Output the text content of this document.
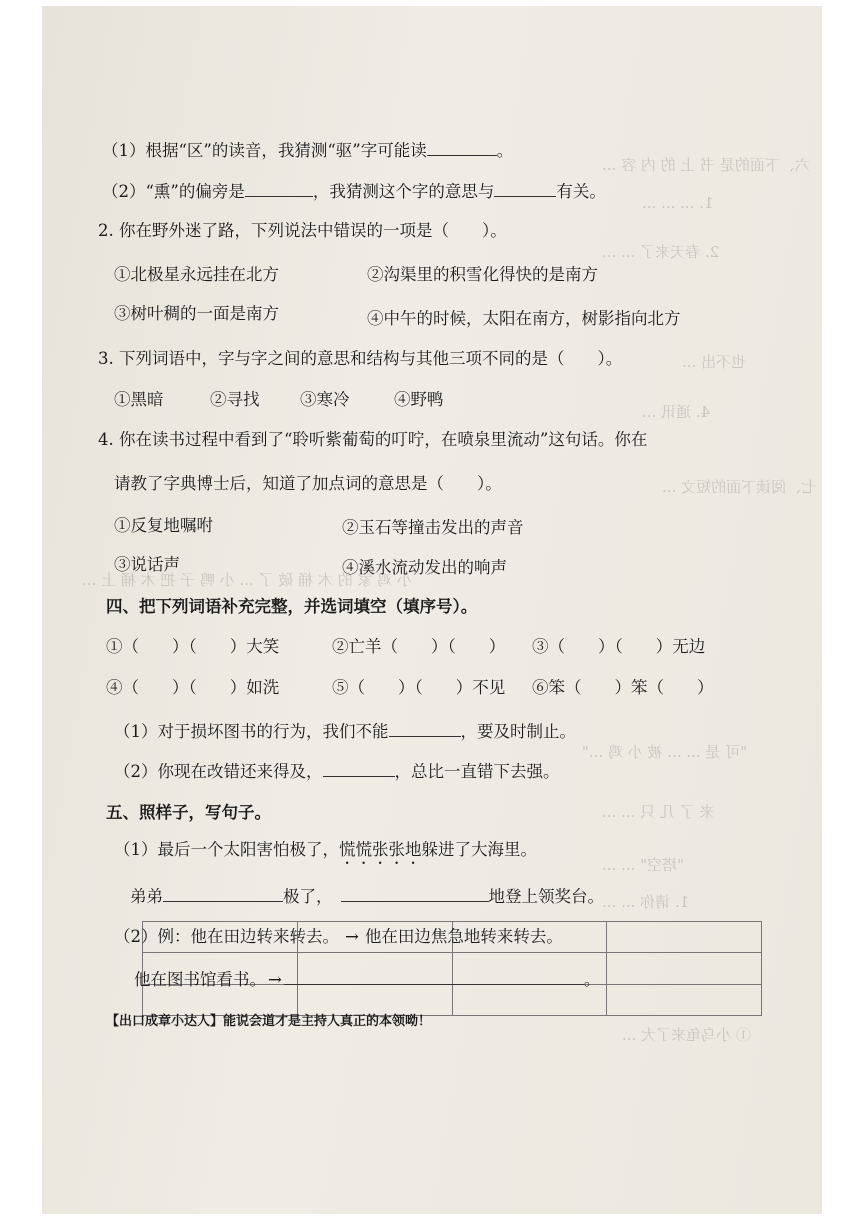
六、下面的是 书 上 的 内 容 ...
1. ... ... ...
2. 春天来了 ... ...
也不出 ...
4. 通讯 ...
七、阅读下面的短文 ...
小 鸡 家 的 木 桶 破 了 ... 小 鸭 子 把 木 桶 上 ...
"可 是 ... ... 被 小 鸡 ..."
来 了 几 只 ... ...
"塔空" ... ...
1. 请你 ... ...
① 小乌龟来了大 ...
（1）根据“区”的读音，我猜测“驱”字可能读	。
（2）“熏”的偏旁是	，我猜测这个字的意思与	有关。
2. 你在野外迷了路，下列说法中错误的一项是（　　）。
①北极星永远挂在北方	②沟渠里的积雪化得快的是南方
③树叶稠的一面是南方	④中午的时候，太阳在南方，树影指向北方
3. 下列词语中，字与字之间的意思和结构与其他三项不同的是（　　）。
①黑暗	②寻找 ③寒冷	④野鸭
4. 你在读书过程中看到了“聆听紫葡萄的叮咛，在喷泉里流动”这句话。你在
请教了字典博士后，知道了加点词的意思是（　　）。
①反复地嘱咐	②玉石等撞击发出的声音
③说话声	④溪水流动发出的响声
四、把下列词语补充完整，并选词填空（填序号）。
①（　　）（　　）大笑	②亡羊（　　）（　　） ③（　　）（　　）无边
④（　　）（　　）如洗	⑤（　　）（　　）不见 ⑥笨（　　）笨（　　）
（1）对于损坏图书的行为，我们不能	，要及时制止。
（2）你现在改错还来得及，	，总比一直错下去强。
五、照样子，写句子。
（1）最后一个太阳害怕极了，慌慌张张地躲进了大海里。
弟弟	极了，	地登上领奖台。

（2）例：他在田边转来转去。 → 他在田边焦急地转来转去。
他在图书馆看书。 →	。
【出口成章小达人】能说会道才是主持人真正的本领呦！
